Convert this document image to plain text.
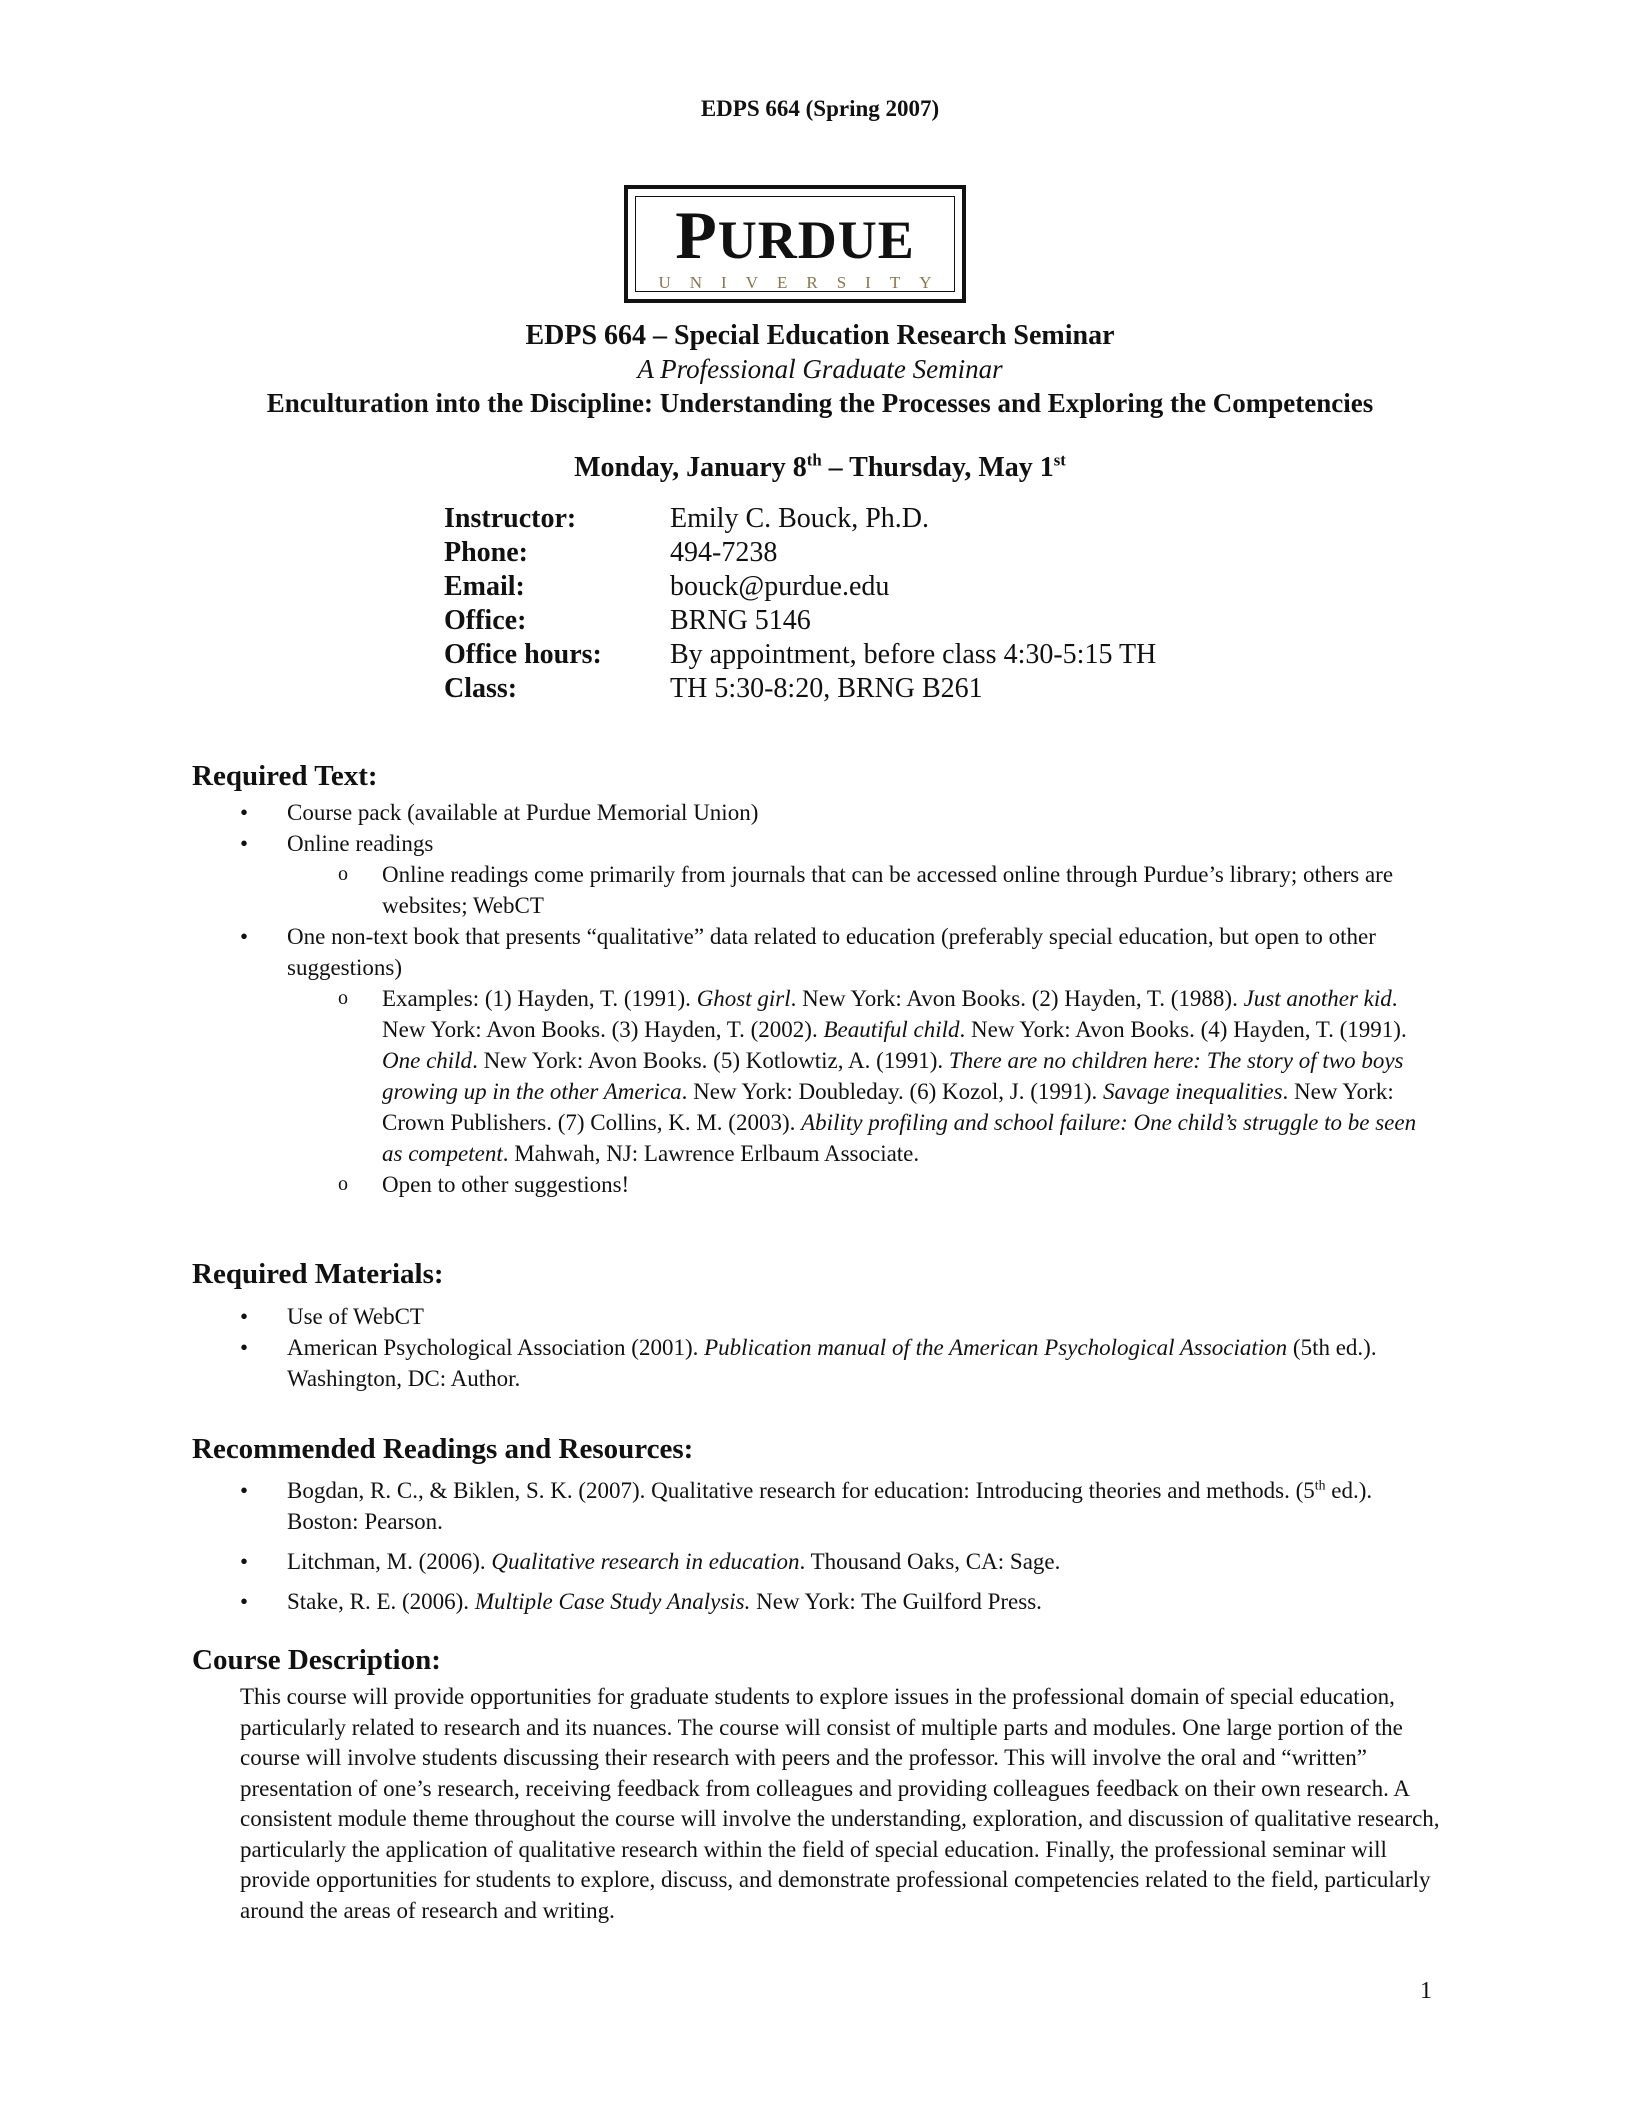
EDPS 664 (Spring 2007)
PURDUE
UNIVERSITY
EDPS 664 – Special Education Research Seminar
A Professional Graduate Seminar
Enculturation into the Discipline: Understanding the Processes and Exploring the Competencies
Monday, January 8th – Thursday, May 1st
Instructor:	Emily C. Bouck, Ph.D.
Phone:	494-7238
Email:	bouck@purdue.edu
Office:	BRNG 5146
Office hours:	By appointment, before class 4:30-5:15 TH
Class:	TH 5:30-8:20, BRNG B261
Required Text:
• Course pack (available at Purdue Memorial Union)
• Online readings
o Online readings come primarily from journals that can be accessed online through Purdue’s library; others are websites; WebCT
• One non-text book that presents “qualitative” data related to education (preferably special education, but open to other suggestions)
o Examples: (1) Hayden, T. (1991). Ghost girl. New York: Avon Books. (2) Hayden, T. (1988). Just another kid. New York: Avon Books. (3) Hayden, T. (2002). Beautiful child. New York: Avon Books. (4) Hayden, T. (1991). One child. New York: Avon Books. (5) Kotlowtiz, A. (1991). There are no children here: The story of two boys growing up in the other America. New York: Doubleday. (6) Kozol, J. (1991). Savage inequalities. New York: Crown Publishers. (7) Collins, K. M. (2003). Ability profiling and school failure: One child’s struggle to be seen as competent. Mahwah, NJ: Lawrence Erlbaum Associate.
o Open to other suggestions!
Required Materials:
• Use of WebCT
• American Psychological Association (2001). Publication manual of the American Psychological Association (5th ed.). Washington, DC: Author.
Recommended Readings and Resources:
• Bogdan, R. C., & Biklen, S. K. (2007). Qualitative research for education: Introducing theories and methods. (5th ed.). Boston: Pearson.
• Litchman, M. (2006). Qualitative research in education. Thousand Oaks, CA: Sage.
• Stake, R. E. (2006). Multiple Case Study Analysis. New York: The Guilford Press.
Course Description:
This course will provide opportunities for graduate students to explore issues in the professional domain of special education, particularly related to research and its nuances. The course will consist of multiple parts and modules. One large portion of the course will involve students discussing their research with peers and the professor. This will involve the oral and “written” presentation of one’s research, receiving feedback from colleagues and providing colleagues feedback on their own research. A consistent module theme throughout the course will involve the understanding, exploration, and discussion of qualitative research, particularly the application of qualitative research within the field of special education. Finally, the professional seminar will provide opportunities for students to explore, discuss, and demonstrate professional competencies related to the field, particularly around the areas of research and writing.
1
